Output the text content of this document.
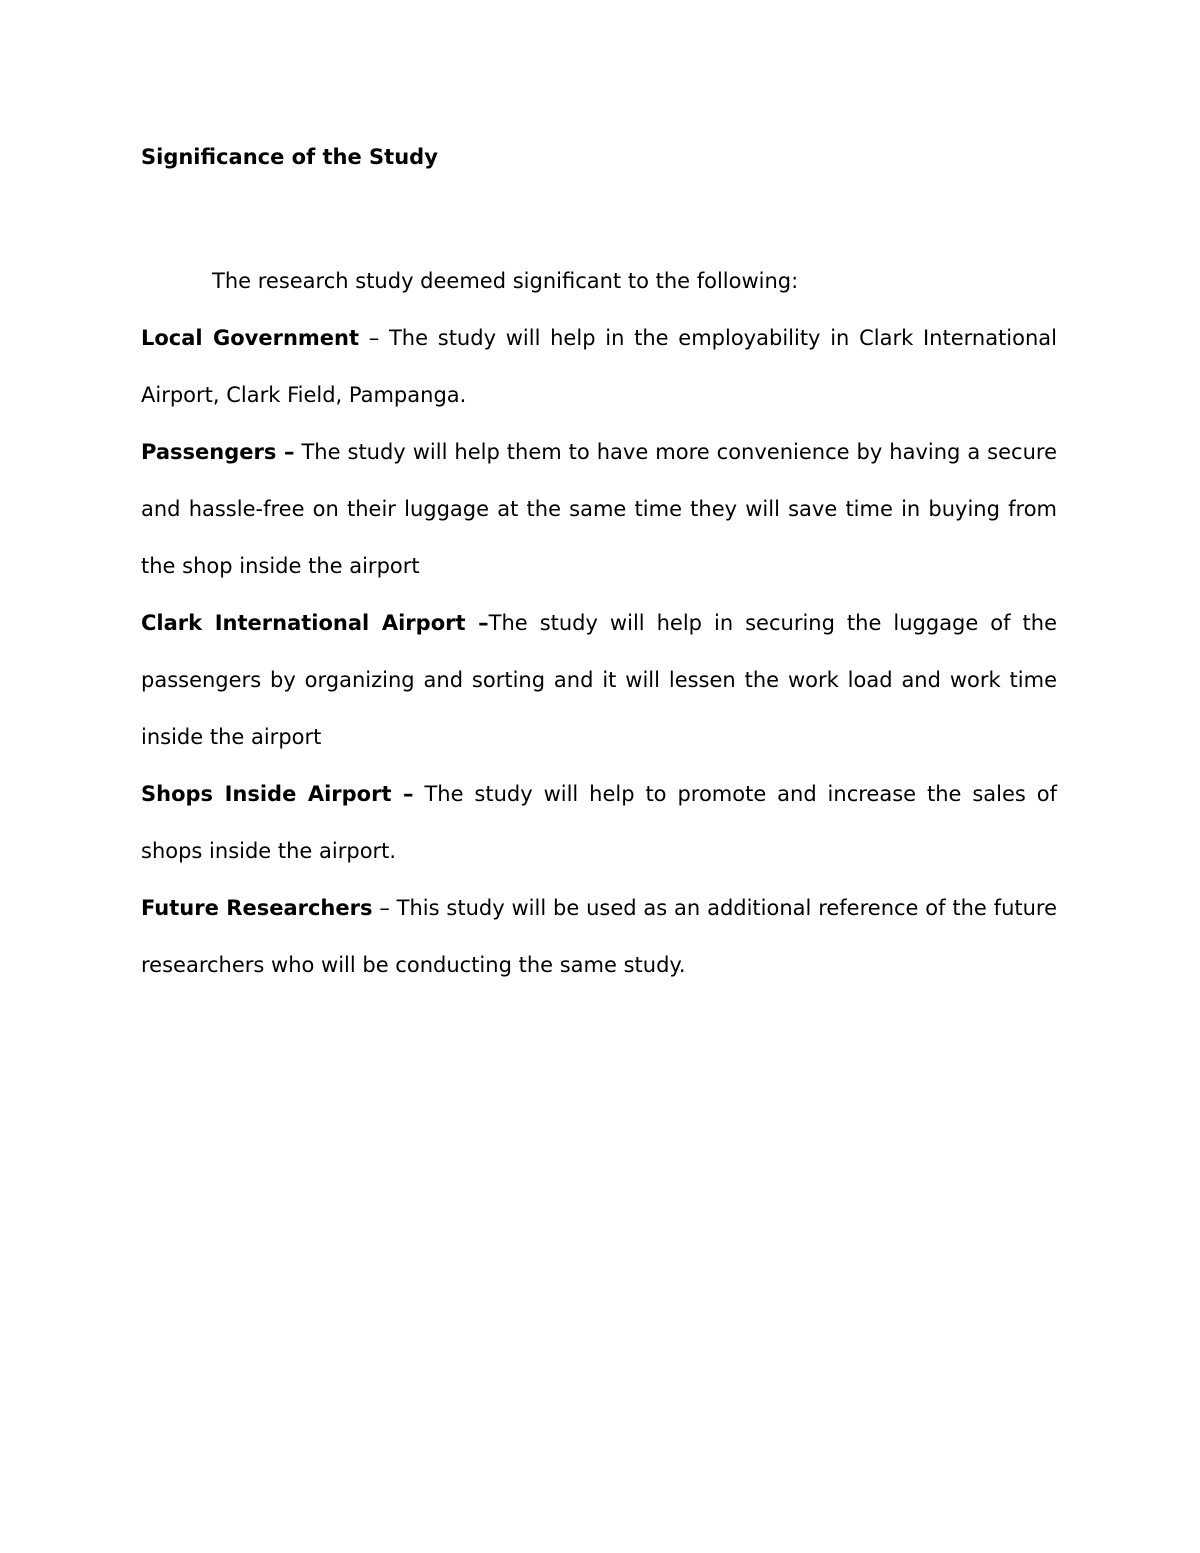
Significance of the Study

The research study deemed significant to the following:

Local Government – The study will help in the employability in Clark International Airport, Clark Field, Pampanga.

Passengers – The study will help them to have more convenience by having a secure and hassle-free on their luggage at the same time they will save time in buying from the shop inside the airport

Clark International Airport –The study will help in securing the luggage of the passengers by organizing and sorting and it will lessen the work load and work time inside the airport

Shops Inside Airport – The study will help to promote and increase the sales of shops inside the airport.

Future Researchers – This study will be used as an additional reference of the future researchers who will be conducting the same study.
